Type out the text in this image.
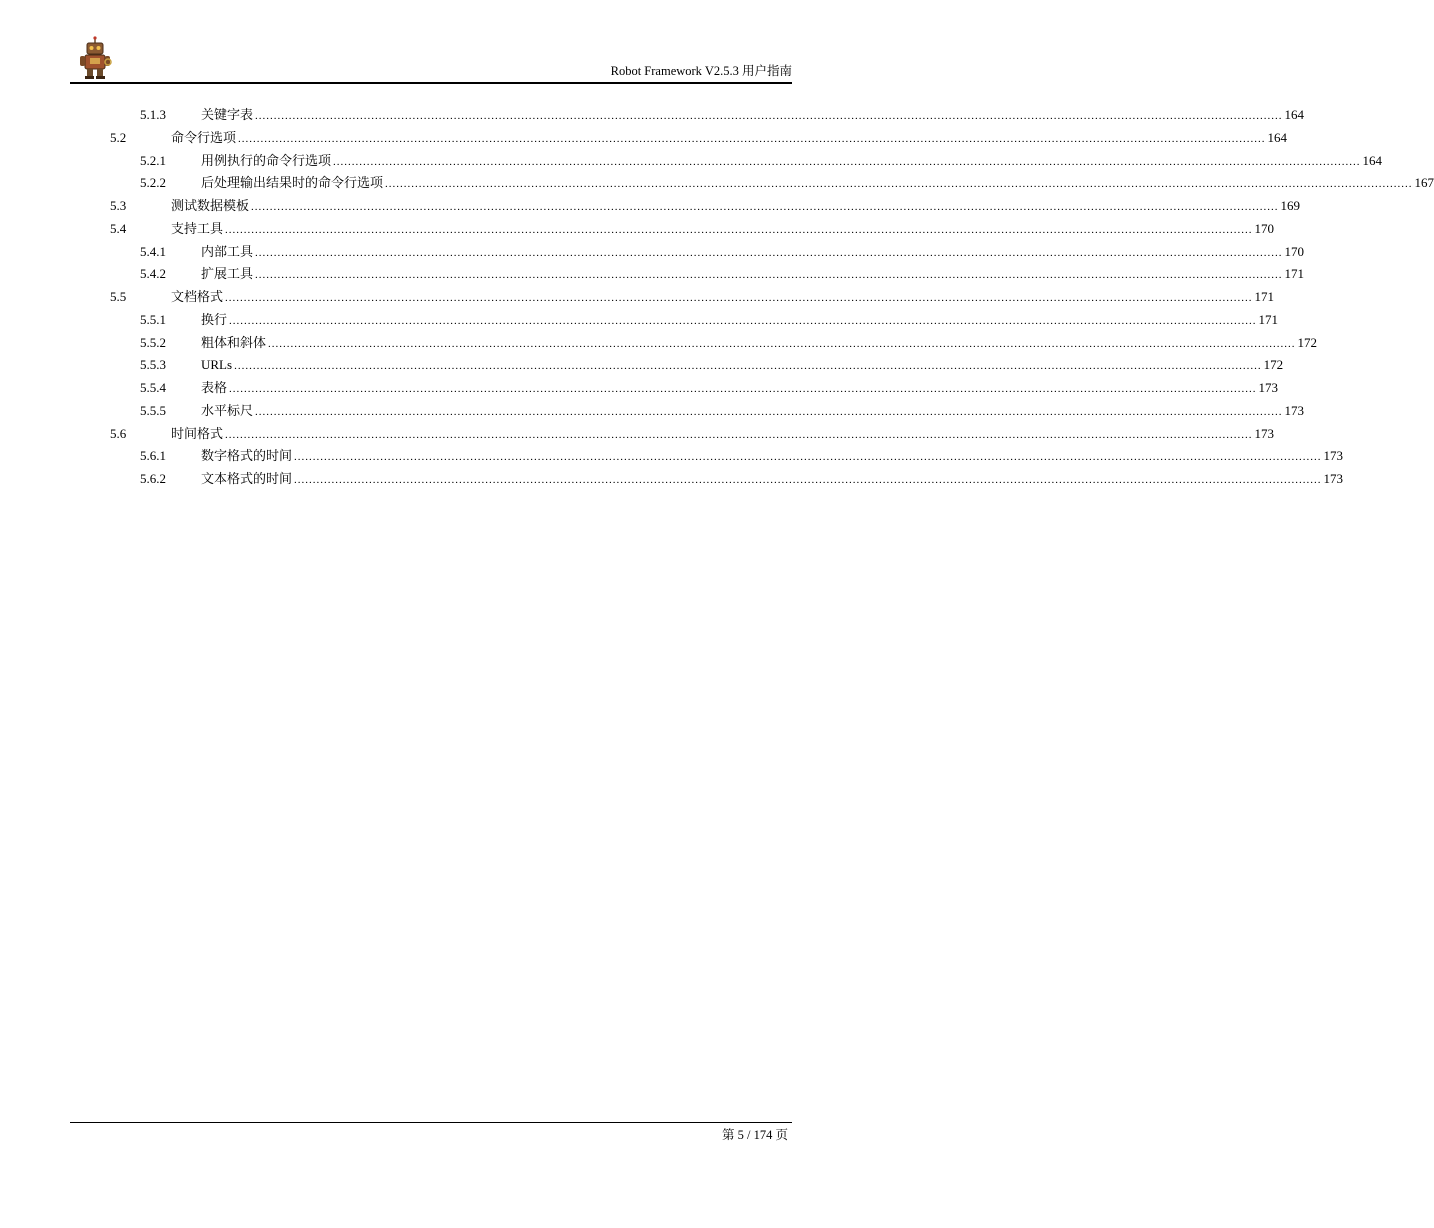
Robot Framework V2.5.3 用户指南
5.1.3	关键字表 .................................................................................................................................................................................................................................................................................. 164
5.2	命令行选项 .................................................................................................................................................................................................................................................................................. 164
5.2.1	用例执行的命令行选项 .................................................................................................................................................................................................................................................................................. 164
5.2.2	后处理输出结果时的命令行选项 .................................................................................................................................................................................................................................................................................. 167
5.3	测试数据模板 .................................................................................................................................................................................................................................................................................. 169
5.4	支持工具 .................................................................................................................................................................................................................................................................................. 170
5.4.1	内部工具 .................................................................................................................................................................................................................................................................................. 170
5.4.2	扩展工具 .................................................................................................................................................................................................................................................................................. 171
5.5	文档格式 .................................................................................................................................................................................................................................................................................. 171
5.5.1	换行 .................................................................................................................................................................................................................................................................................. 171
5.5.2	粗体和斜体 .................................................................................................................................................................................................................................................................................. 172
5.5.3	URLs .................................................................................................................................................................................................................................................................................. 172
5.5.4	表格 .................................................................................................................................................................................................................................................................................. 173
5.5.5	水平标尺 .................................................................................................................................................................................................................................................................................. 173
5.6	时间格式 .................................................................................................................................................................................................................................................................................. 173
5.6.1	数字格式的时间 .................................................................................................................................................................................................................................................................................. 173
5.6.2	文本格式的时间 .................................................................................................................................................................................................................................................................................. 173
第 5 / 174 页
